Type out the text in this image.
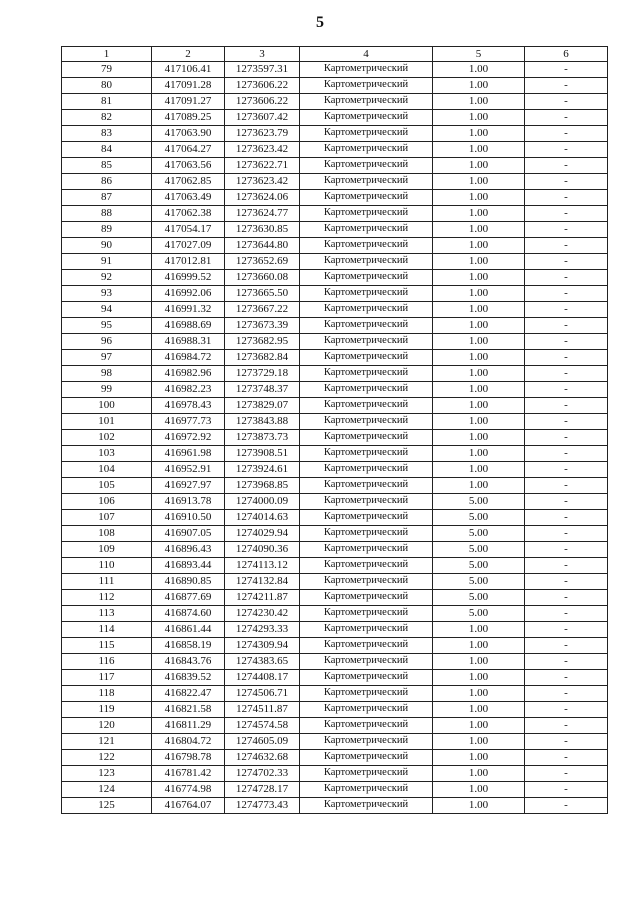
5
1	2	3	4	5	6
79	417106.41	1273597.31	Картометрический	1.00	-
80	417091.28	1273606.22	Картометрический	1.00	-
81	417091.27	1273606.22	Картометрический	1.00	-
82	417089.25	1273607.42	Картометрический	1.00	-
83	417063.90	1273623.79	Картометрический	1.00	-
84	417064.27	1273623.42	Картометрический	1.00	-
85	417063.56	1273622.71	Картометрический	1.00	-
86	417062.85	1273623.42	Картометрический	1.00	-
87	417063.49	1273624.06	Картометрический	1.00	-
88	417062.38	1273624.77	Картометрический	1.00	-
89	417054.17	1273630.85	Картометрический	1.00	-
90	417027.09	1273644.80	Картометрический	1.00	-
91	417012.81	1273652.69	Картометрический	1.00	-
92	416999.52	1273660.08	Картометрический	1.00	-
93	416992.06	1273665.50	Картометрический	1.00	-
94	416991.32	1273667.22	Картометрический	1.00	-
95	416988.69	1273673.39	Картометрический	1.00	-
96	416988.31	1273682.95	Картометрический	1.00	-
97	416984.72	1273682.84	Картометрический	1.00	-
98	416982.96	1273729.18	Картометрический	1.00	-
99	416982.23	1273748.37	Картометрический	1.00	-
100	416978.43	1273829.07	Картометрический	1.00	-
101	416977.73	1273843.88	Картометрический	1.00	-
102	416972.92	1273873.73	Картометрический	1.00	-
103	416961.98	1273908.51	Картометрический	1.00	-
104	416952.91	1273924.61	Картометрический	1.00	-
105	416927.97	1273968.85	Картометрический	1.00	-
106	416913.78	1274000.09	Картометрический	5.00	-
107	416910.50	1274014.63	Картометрический	5.00	-
108	416907.05	1274029.94	Картометрический	5.00	-
109	416896.43	1274090.36	Картометрический	5.00	-
110	416893.44	1274113.12	Картометрический	5.00	-
111	416890.85	1274132.84	Картометрический	5.00	-
112	416877.69	1274211.87	Картометрический	5.00	-
113	416874.60	1274230.42	Картометрический	5.00	-
114	416861.44	1274293.33	Картометрический	1.00	-
115	416858.19	1274309.94	Картометрический	1.00	-
116	416843.76	1274383.65	Картометрический	1.00	-
117	416839.52	1274408.17	Картометрический	1.00	-
118	416822.47	1274506.71	Картометрический	1.00	-
119	416821.58	1274511.87	Картометрический	1.00	-
120	416811.29	1274574.58	Картометрический	1.00	-
121	416804.72	1274605.09	Картометрический	1.00	-
122	416798.78	1274632.68	Картометрический	1.00	-
123	416781.42	1274702.33	Картометрический	1.00	-
124	416774.98	1274728.17	Картометрический	1.00	-
125	416764.07	1274773.43	Картометрический	1.00	-
